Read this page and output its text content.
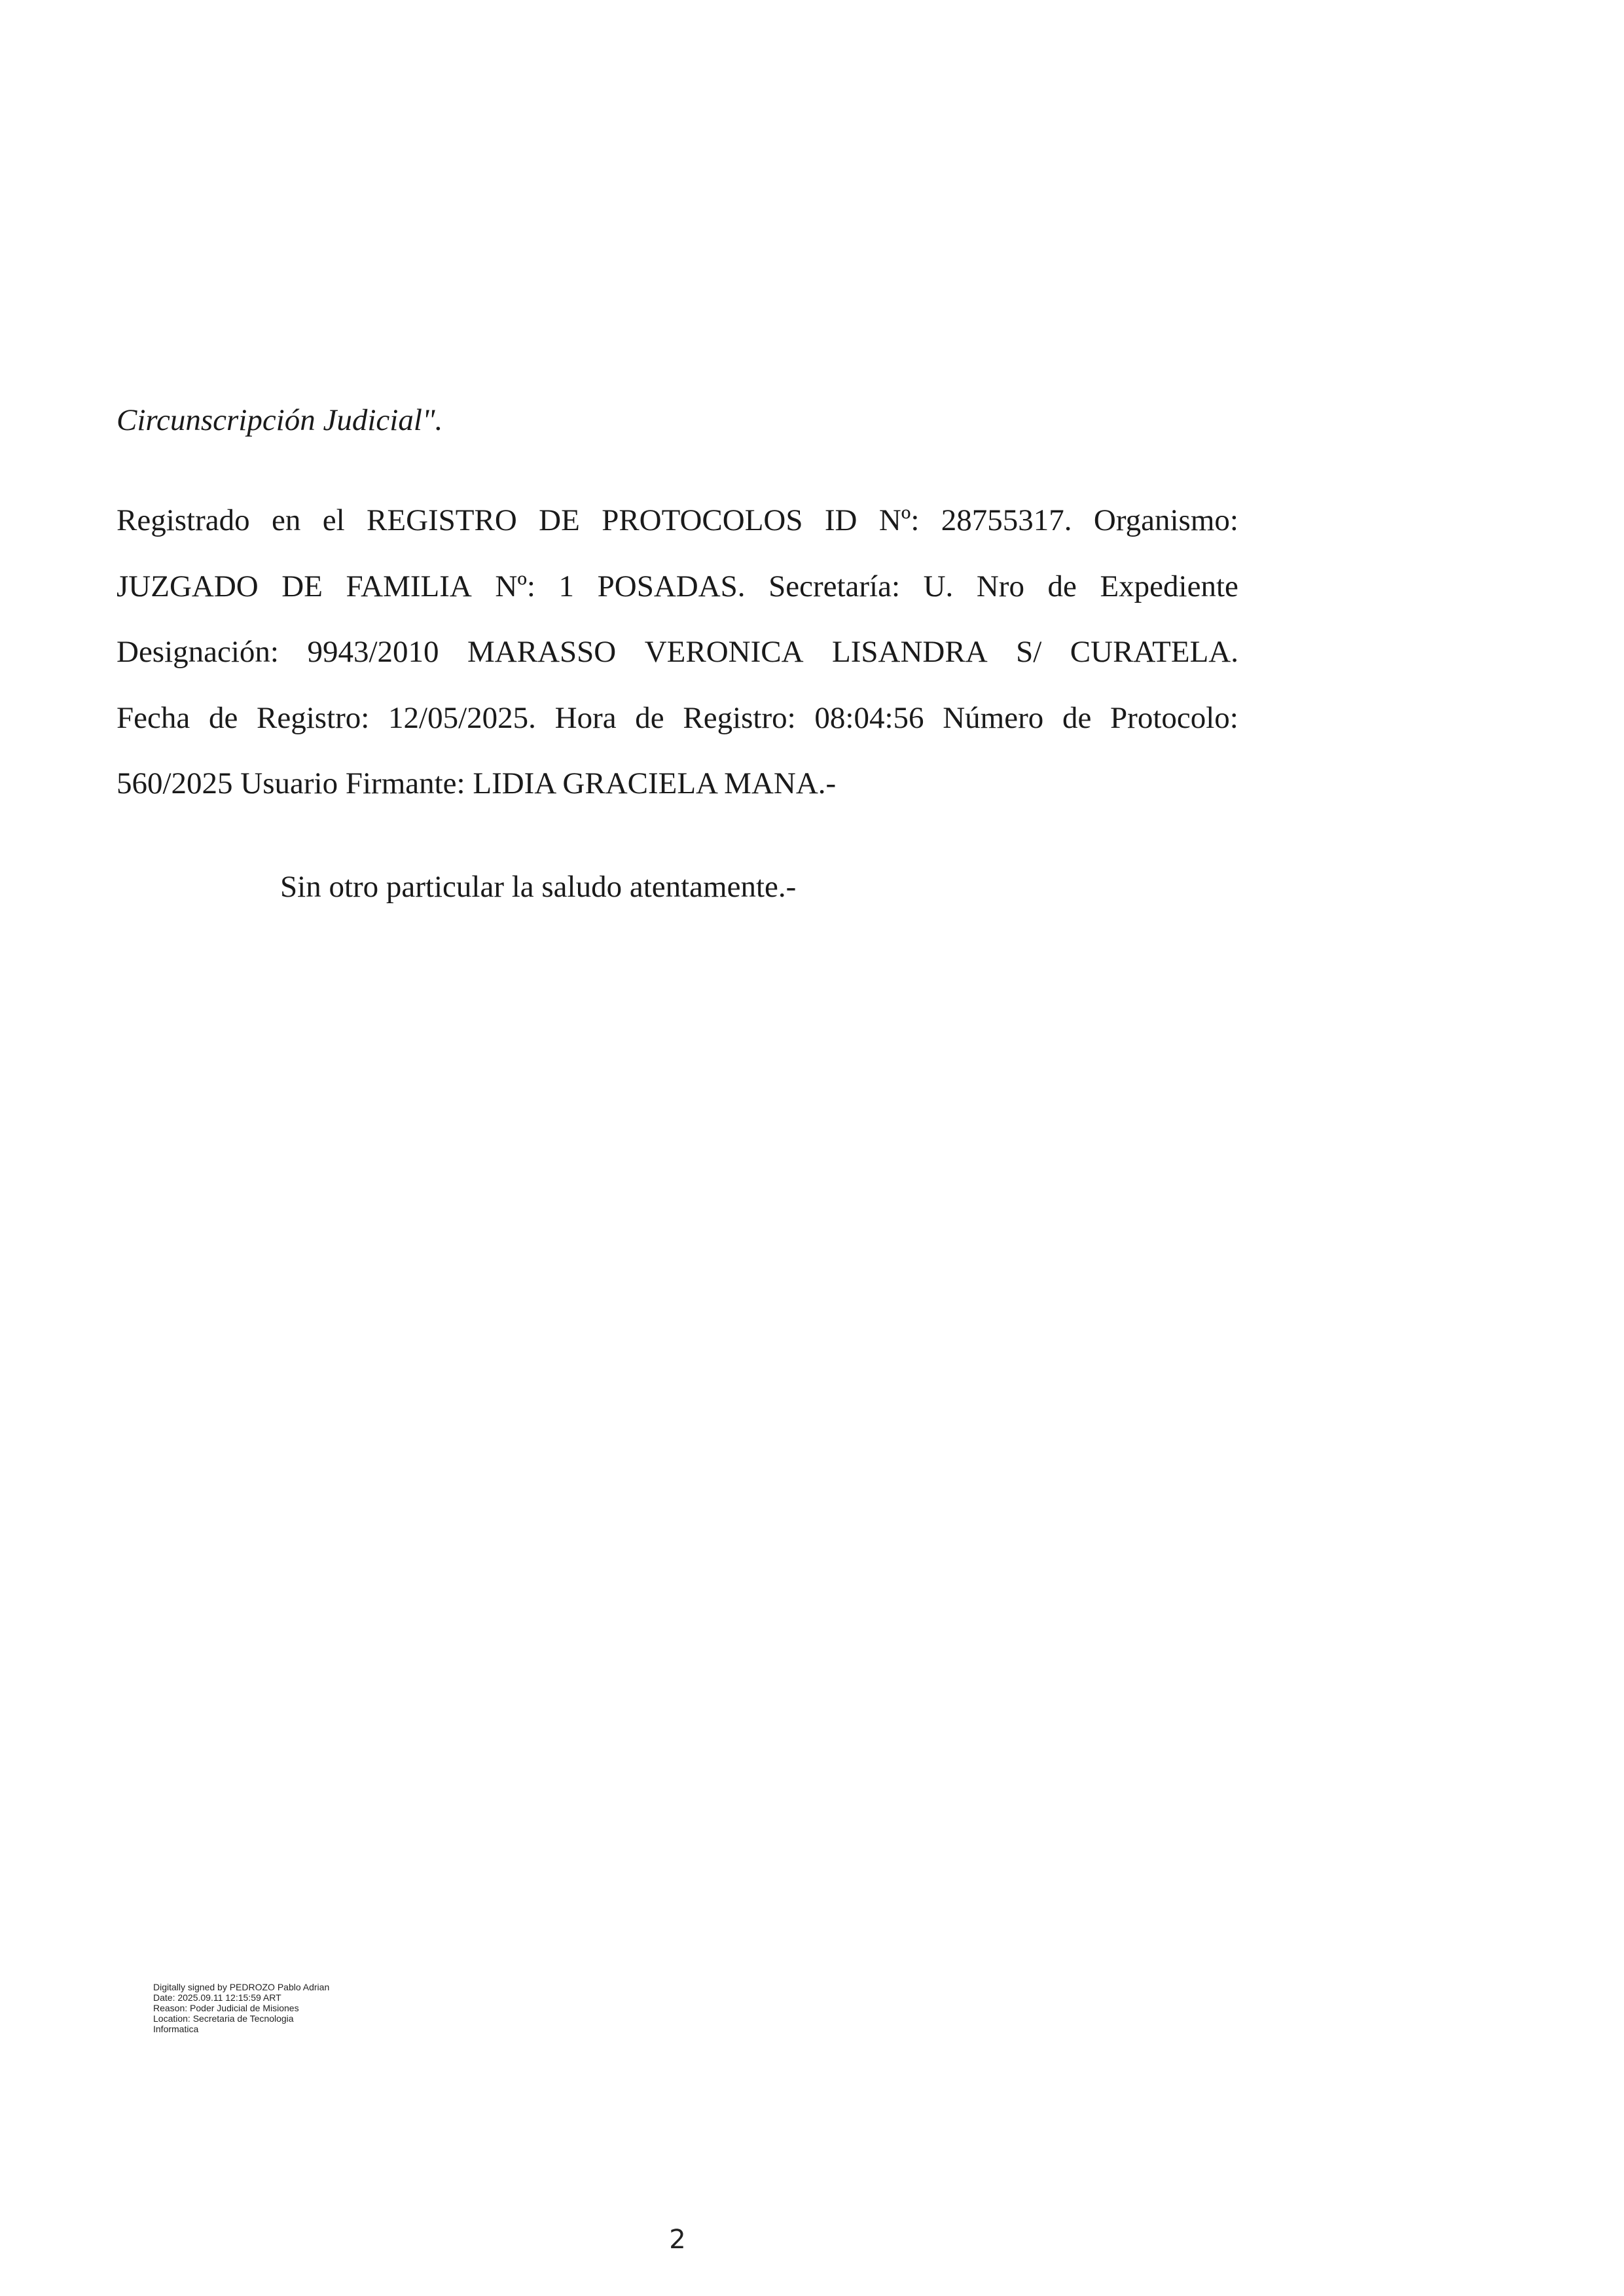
Circunscripción Judicial".
Registrado en el REGISTRO DE PROTOCOLOS ID Nº: 28755317. Organismo:
JUZGADO DE FAMILIA Nº: 1 POSADAS. Secretaría: U. Nro de Expediente
Designación: 9943/2010 MARASSO VERONICA LISANDRA S/ CURATELA.
Fecha de Registro: 12/05/2025. Hora de Registro: 08:04:56 Número de Protocolo:
560/2025 Usuario Firmante: LIDIA GRACIELA MANA.-
Sin otro particular la saludo atentamente.-
Digitally signed by PEDROZO Pablo Adrian
Date: 2025.09.11 12:15:59 ART
Reason: Poder Judicial de Misiones
Location: Secretaria de Tecnologia
Informatica
2
